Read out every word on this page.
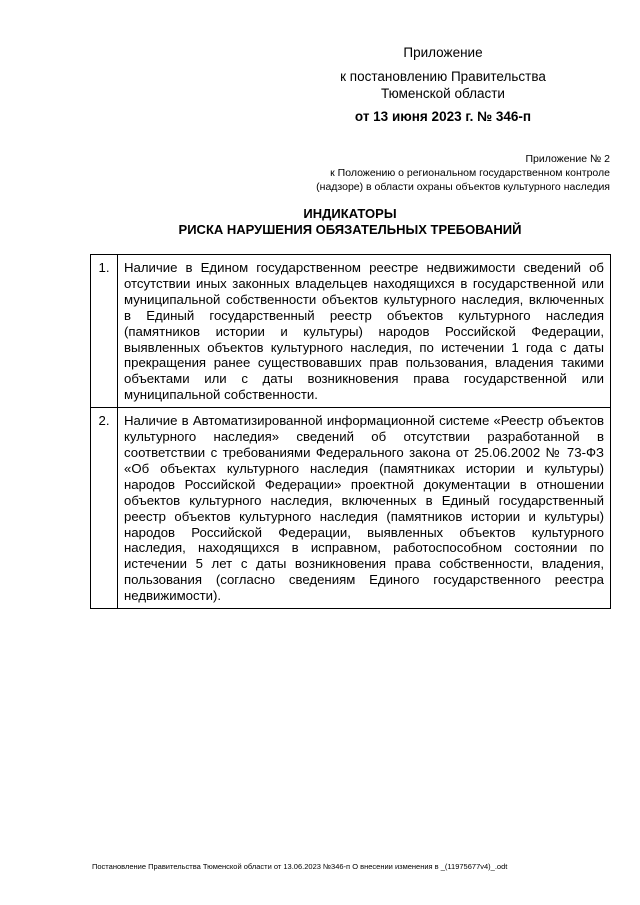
Приложение
к постановлению Правительства
Тюменской области
от 13 июня 2023 г. № 346-п
Приложение № 2
к Положению о региональном государственном контроле
(надзоре) в области охраны объектов культурного наследия
ИНДИКАТОРЫ
РИСКА НАРУШЕНИЯ ОБЯЗАТЕЛЬНЫХ ТРЕБОВАНИЙ
1.	Наличие в Едином государственном реестре недвижимости сведений об отсутствии иных законных владельцев находящихся в государственной или муниципальной собственности объектов культурного наследия, включенных в Единый государственный реестр объектов культурного наследия (памятников истории и культуры) народов Российской Федерации, выявленных объектов культурного наследия, по истечении 1 года с даты прекращения ранее существовавших прав пользования, владения такими объектами или с даты возникновения права государственной или муниципальной собственности.
2.	Наличие в Автоматизированной информационной системе «Реестр объектов культурного наследия» сведений об отсутствии разработанной в соответствии с требованиями Федерального закона от 25.06.2002 № 73-ФЗ «Об объектах культурного наследия (памятниках истории и культуры) народов Российской Федерации» проектной документации в отношении объектов культурного наследия, включенных в Единый государственный реестр объектов культурного наследия (памятников истории и культуры) народов Российской Федерации, выявленных объектов культурного наследия, находящихся в исправном, работоспособном состоянии по истечении 5 лет с даты возникновения права собственности, владения, пользования (согласно сведениям Единого государственного реестра недвижимости).
Постановление Правительства Тюменской области от 13.06.2023 №346-п О внесении изменения в _(11975677v4)_.odt
